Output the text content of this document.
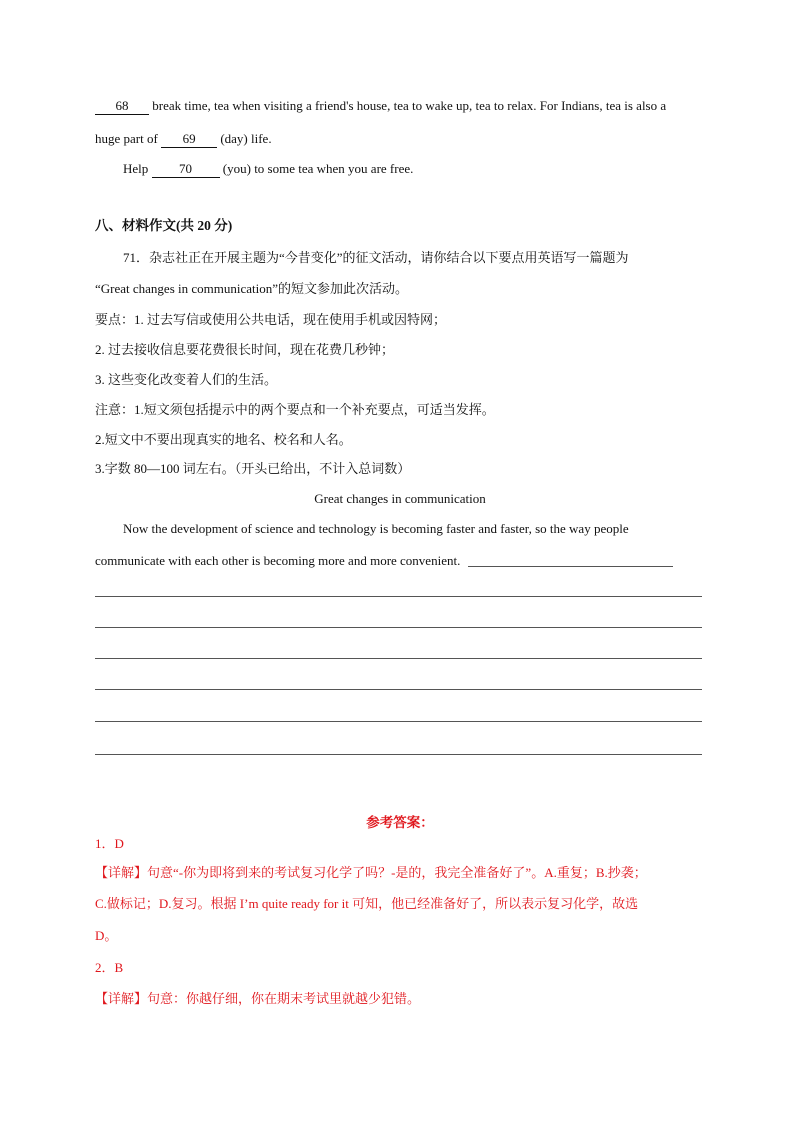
68 break time, tea when visiting a friend's house, tea to wake up, tea to relax. For Indians, tea is also a
huge part of 69 (day) life.
Help 70 (you) to some tea when you are free.
八、材料作文(共 20 分)
71．杂志社正在开展主题为“今昔变化”的征文活动，请你结合以下要点用英语写一篇题为
“Great changes in communication”的短文参加此次活动。
要点：1. 过去写信或使用公共电话，现在使用手机或因特网；
2. 过去接收信息要花费很长时间，现在花费几秒钟；
3. 这些变化改变着人们的生活。
注意：1.短文须包括提示中的两个要点和一个补充要点，可适当发挥。
2.短文中不要出现真实的地名、校名和人名。
3.字数 80—100 词左右。（开头已给出，不计入总词数）
Great changes in communication
Now the development of science and technology is becoming faster and faster, so the way people
communicate with each other is becoming more and more convenient.
参考答案：
1．D
【详解】句意“-你为即将到来的考试复习化学了吗？-是的，我完全准备好了”。A.重复；B.抄袭；
C.做标记；D.复习。根据 I’m quite ready for it 可知，他已经准备好了，所以表示复习化学，故选
D。
2．B
【详解】句意：你越仔细，你在期末考试里就越少犯错。
